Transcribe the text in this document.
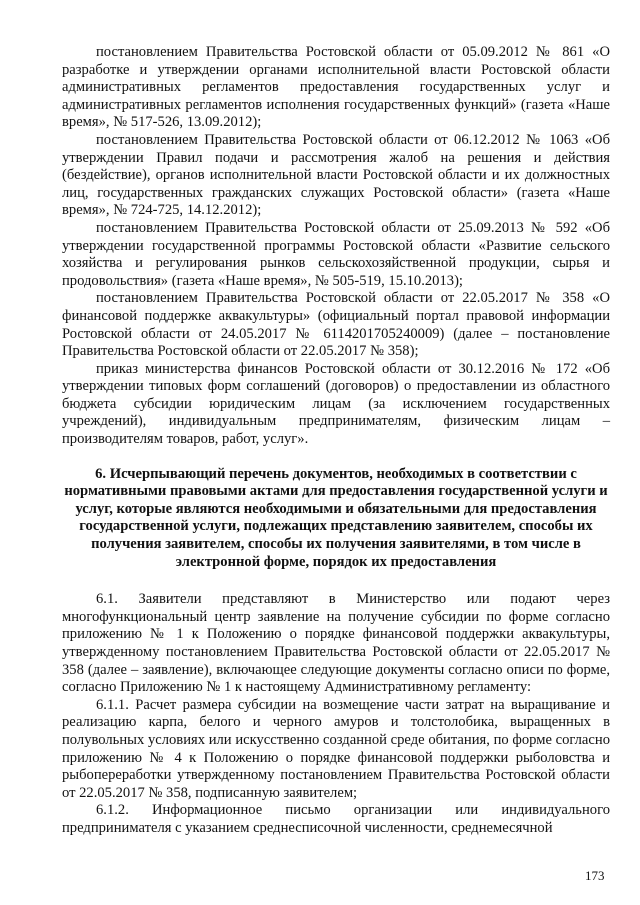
постановлением Правительства Ростовской области от 05.09.2012 № 861 «О разработке и утверждении органами исполнительной власти Ростовской области административных регламентов предоставления государственных услуг и административных регламентов исполнения государственных функций» (газета «Наше время», № 517-526, 13.09.2012);

постановлением Правительства Ростовской области от 06.12.2012 № 1063 «Об утверждении Правил подачи и рассмотрения жалоб на решения и действия (бездействие), органов исполнительной власти Ростовской области и их должностных лиц, государственных гражданских служащих Ростовской области» (газета «Наше время», № 724-725, 14.12.2012);

постановлением Правительства Ростовской области от 25.09.2013 № 592 «Об утверждении государственной программы Ростовской области «Развитие сельского хозяйства и регулирования рынков сельскохозяйственной продукции, сырья и продовольствия» (газета «Наше время», № 505-519, 15.10.2013);

постановлением Правительства Ростовской области от 22.05.2017 № 358 «О финансовой поддержке аквакультуры» (официальный портал правовой информации Ростовской области от 24.05.2017 № 6114201705240009) (далее – постановление Правительства Ростовской области от 22.05.2017 № 358);

приказ министерства финансов Ростовской области от 30.12.2016 № 172 «Об утверждении типовых форм соглашений (договоров) о предоставлении из областного бюджета субсидии юридическим лицам (за исключением государственных учреждений), индивидуальным предпринимателям, физическим лицам – производителям товаров, работ, услуг».

6. Исчерпывающий перечень документов, необходимых в соответствии с нормативными правовыми актами для предоставления государственной услуги и услуг, которые являются необходимыми и обязательными для предоставления государственной услуги, подлежащих представлению заявителем, способы их получения заявителем, способы их получения заявителями, в том числе в электронной форме, порядок их предоставления

6.1. Заявители представляют в Министерство или подают через многофункциональный центр заявление на получение субсидии по форме согласно приложению № 1 к Положению о порядке финансовой поддержки аквакультуры, утвержденному постановлением Правительства Ростовской области от 22.05.2017 № 358 (далее – заявление), включающее следующие документы согласно описи по форме, согласно Приложению № 1 к настоящему Административному регламенту:

6.1.1. Расчет размера субсидии на возмещение части затрат на выращивание и реализацию карпа, белого и черного амуров и толстолобика, выращенных в полувольных условиях или искусственно созданной среде обитания, по форме согласно приложению № 4 к Положению о порядке финансовой поддержки рыболовства и рыбопереработки утвержденному постановлением Правительства Ростовской области от 22.05.2017 № 358, подписанную заявителем;

6.1.2. Информационное письмо организации или индивидуального предпринимателя с указанием среднесписочной численности, среднемесячной

173
